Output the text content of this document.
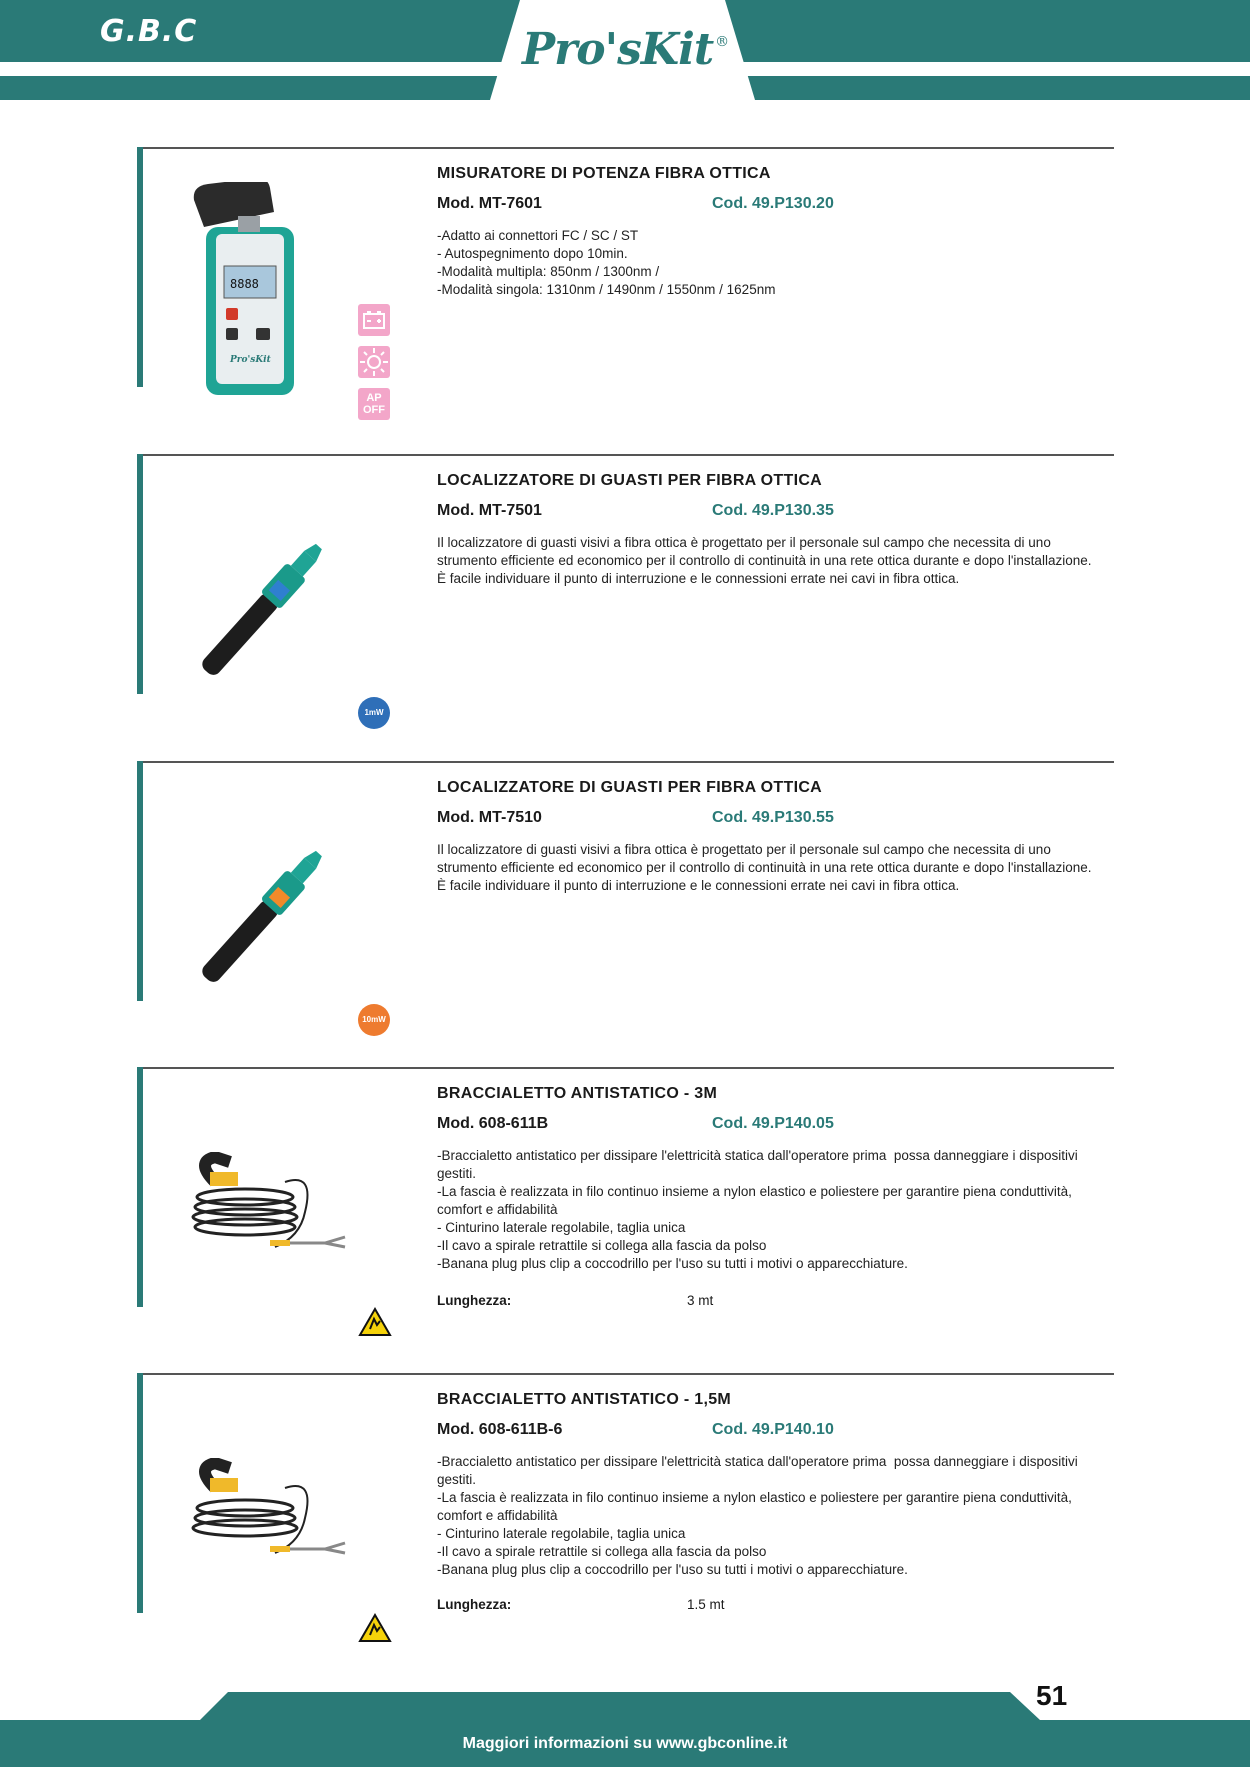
G.B.C	Pro'sKit ®
8888
Pro'sKit
AP
OFF
MISURATORE DI POTENZA FIBRA OTTICA
Mod. MT-7601	Cod. 49.P130.20
-Adatto ai connettori FC / SC / ST
- Autospegnimento dopo 10min.
-Modalità multipla: 850nm / 1300nm /
-Modalità singola: 1310nm / 1490nm / 1550nm / 1625nm
1mW
LOCALIZZATORE DI GUASTI PER FIBRA OTTICA
Mod. MT-7501	Cod. 49.P130.35
Il localizzatore di guasti visivi a fibra ottica è progettato per il personale sul campo che necessita di uno
strumento efficiente ed economico per il controllo di continuità in una rete ottica durante e dopo l'installazione.
È facile individuare il punto di interruzione e le connessioni errate nei cavi in fibra ottica.
10mW
LOCALIZZATORE DI GUASTI PER FIBRA OTTICA
Mod. MT-7510	Cod. 49.P130.55
Il localizzatore di guasti visivi a fibra ottica è progettato per il personale sul campo che necessita di uno
strumento efficiente ed economico per il controllo di continuità in una rete ottica durante e dopo l'installazione.
È facile individuare il punto di interruzione e le connessioni errate nei cavi in fibra ottica.
BRACCIALETTO ANTISTATICO - 3M
Mod. 608-611B	Cod. 49.P140.05
-Braccialetto antistatico per dissipare l'elettricità statica dall'operatore prima  possa danneggiare i dispositivi
gestiti.
-La fascia è realizzata in filo continuo insieme a nylon elastico e poliestere per garantire piena conduttività,
comfort e affidabilità
- Cinturino laterale regolabile, taglia unica
-Il cavo a spirale retrattile si collega alla fascia da polso
-Banana plug plus clip a coccodrillo per l'uso su tutti i motivi o apparecchiature.
Lunghezza:	3 mt
BRACCIALETTO ANTISTATICO - 1,5M
Mod. 608-611B-6	Cod. 49.P140.10
-Braccialetto antistatico per dissipare l'elettricità statica dall'operatore prima  possa danneggiare i dispositivi
gestiti.
-La fascia è realizzata in filo continuo insieme a nylon elastico e poliestere per garantire piena conduttività,
comfort e affidabilità
- Cinturino laterale regolabile, taglia unica
-Il cavo a spirale retrattile si collega alla fascia da polso
-Banana plug plus clip a coccodrillo per l'uso su tutti i motivi o apparecchiature.
Lunghezza:	1.5 mt
Maggiori informazioni su www.gbconline.it
51
